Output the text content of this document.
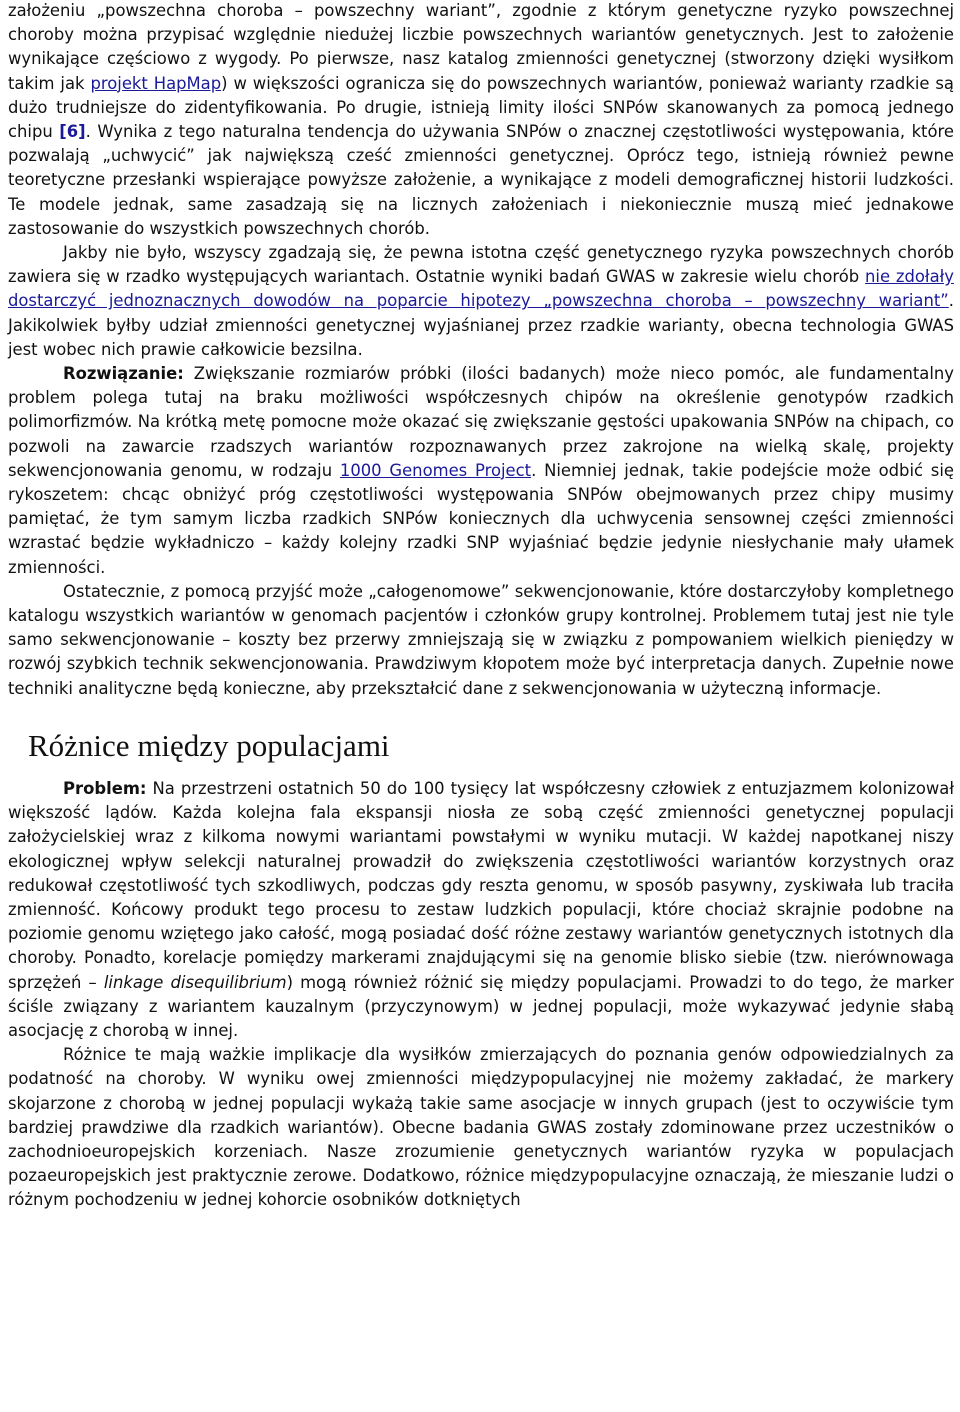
założeniu „powszechna choroba – powszechny wariant”, zgodnie z którym genetyczne ryzyko powszechnej choroby można przypisać względnie niedużej liczbie powszechnych wariantów genetycznych. Jest to założenie wynikające częściowo z wygody. Po pierwsze, nasz katalog zmienności genetycznej (stworzony dzięki wysiłkom takim jak projekt HapMap) w większości ogranicza się do powszechnych wariantów, ponieważ warianty rzadkie są dużo trudniejsze do zidentyfikowania. Po drugie, istnieją limity ilości SNPów skanowanych za pomocą jednego chipu [6]. Wynika z tego naturalna tendencja do używania SNPów o znacznej częstotliwości występowania, które pozwalają „uchwycić” jak największą cześć zmienności genetycznej. Oprócz tego, istnieją również pewne teoretyczne przesłanki wspierające powyższe założenie, a wynikające z modeli demograficznej historii ludzkości. Te modele jednak, same zasadzają się na licznych założeniach i niekoniecznie muszą mieć jednakowe zastosowanie do wszystkich powszechnych chorób.

Jakby nie było, wszyscy zgadzają się, że pewna istotna część genetycznego ryzyka powszechnych chorób zawiera się w rzadko występujących wariantach. Ostatnie wyniki badań GWAS w zakresie wielu chorób nie zdołały dostarczyć jednoznacznych dowodów na poparcie hipotezy „powszechna choroba – powszechny wariant”. Jakikolwiek byłby udział zmienności genetycznej wyjaśnianej przez rzadkie warianty, obecna technologia GWAS jest wobec nich prawie całkowicie bezsilna.

Rozwiązanie: Zwiększanie rozmiarów próbki (ilości badanych) może nieco pomóc, ale fundamentalny problem polega tutaj na braku możliwości współczesnych chipów na określenie genotypów rzadkich polimorfizmów. Na krótką metę pomocne może okazać się zwiększanie gęstości upakowania SNPów na chipach, co pozwoli na zawarcie rzadszych wariantów rozpoznawanych przez zakrojone na wielką skalę, projekty sekwencjonowania genomu, w rodzaju 1000 Genomes Project. Niemniej jednak, takie podejście może odbić się rykoszetem: chcąc obniżyć próg częstotliwości występowania SNPów obejmowanych przez chipy musimy pamiętać, że tym samym liczba rzadkich SNPów koniecznych dla uchwycenia sensownej części zmienności wzrastać będzie wykładniczo – każdy kolejny rzadki SNP wyjaśniać będzie jedynie niesłychanie mały ułamek zmienności.

Ostatecznie, z pomocą przyjść może „całogenomowe” sekwencjonowanie, które dostarczyłoby kompletnego katalogu wszystkich wariantów w genomach pacjentów i członków grupy kontrolnej. Problemem tutaj jest nie tyle samo sekwencjonowanie – koszty bez przerwy zmniejszają się w związku z pompowaniem wielkich pieniędzy w rozwój szybkich technik sekwencjonowania. Prawdziwym kłopotem może być interpretacja danych. Zupełnie nowe techniki analityczne będą konieczne, aby przekształcić dane z sekwencjonowania w użyteczną informacje.

Różnice między populacjami

Problem: Na przestrzeni ostatnich 50 do 100 tysięcy lat współczesny człowiek z entuzjazmem kolonizował większość lądów. Każda kolejna fala ekspansji niosła ze sobą część zmienności genetycznej populacji założycielskiej wraz z kilkoma nowymi wariantami powstałymi w wyniku mutacji. W każdej napotkanej niszy ekologicznej wpływ selekcji naturalnej prowadził do zwiększenia częstotliwości wariantów korzystnych oraz redukował częstotliwość tych szkodliwych, podczas gdy reszta genomu, w sposób pasywny, zyskiwała lub traciła zmienność. Końcowy produkt tego procesu to zestaw ludzkich populacji, które chociaż skrajnie podobne na poziomie genomu wziętego jako całość, mogą posiadać dość różne zestawy wariantów genetycznych istotnych dla choroby. Ponadto, korelacje pomiędzy markerami znajdującymi się na genomie blisko siebie (tzw. nierównowaga sprzężeń – linkage disequilibrium) mogą również różnić się między populacjami. Prowadzi to do tego, że marker ściśle związany z wariantem kauzalnym (przyczynowym) w jednej populacji, może wykazywać jedynie słabą asocjację z chorobą w innej.

Różnice te mają ważkie implikacje dla wysiłków zmierzających do poznania genów odpowiedzialnych za podatność na choroby. W wyniku owej zmienności międzypopulacyjnej nie możemy zakładać, że markery skojarzone z chorobą w jednej populacji wykażą takie same asocjacje w innych grupach (jest to oczywiście tym bardziej prawdziwe dla rzadkich wariantów). Obecne badania GWAS zostały zdominowane przez uczestników o zachodnioeuropejskich korzeniach. Nasze zrozumienie genetycznych wariantów ryzyka w populacjach pozaeuropejskich jest praktycznie zerowe. Dodatkowo, różnice międzypopulacyjne oznaczają, że mieszanie ludzi o różnym pochodzeniu w jednej kohorcie osobników dotkniętych
